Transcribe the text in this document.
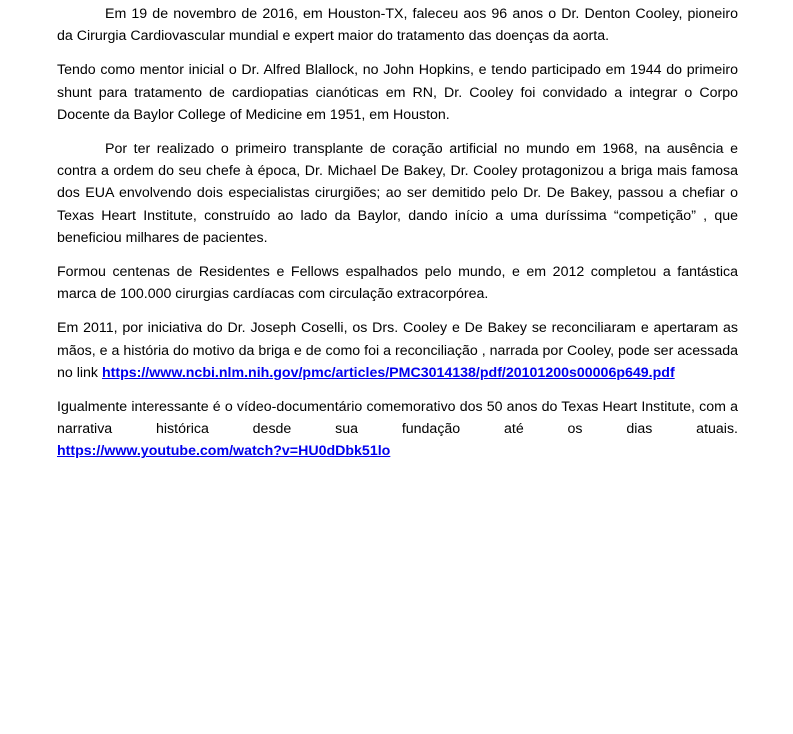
Em 19 de novembro de 2016, em Houston-TX, faleceu aos 96 anos o Dr. Denton Cooley, pioneiro da Cirurgia Cardiovascular mundial e expert maior do tratamento das doenças da aorta.

Tendo como mentor inicial o Dr. Alfred Blallock, no John Hopkins, e tendo participado em 1944 do primeiro shunt para tratamento de cardiopatias cianóticas em RN, Dr. Cooley foi convidado a integrar o Corpo Docente da Baylor College of Medicine em 1951, em Houston.

Por ter realizado o primeiro transplante de coração artificial no mundo em 1968, na ausência e contra a ordem do seu chefe à época, Dr. Michael De Bakey, Dr. Cooley protagonizou a briga mais famosa dos EUA envolvendo dois especialistas cirurgiões; ao ser demitido pelo Dr. De Bakey, passou a chefiar o Texas Heart Institute, construído ao lado da Baylor, dando início a uma duríssima “competição” , que beneficiou milhares de pacientes.

Formou centenas de Residentes e Fellows espalhados pelo mundo, e em 2012 completou a fantástica marca de 100.000 cirurgias cardíacas com circulação extracorpórea.

Em 2011, por iniciativa do Dr. Joseph Coselli, os Drs. Cooley e De Bakey se reconciliaram e apertaram as mãos, e a história do motivo da briga e de como foi a reconciliação , narrada por Cooley, pode ser acessada no link https://www.ncbi.nlm.nih.gov/pmc/articles/PMC3014138/pdf/20101200s00006p649.pdf

Igualmente interessante é o vídeo-documentário comemorativo dos 50 anos do Texas Heart Institute, com a narrativa histórica desde sua fundação até os dias atuais. https://www.youtube.com/watch?v=HU0dDbk51lo
